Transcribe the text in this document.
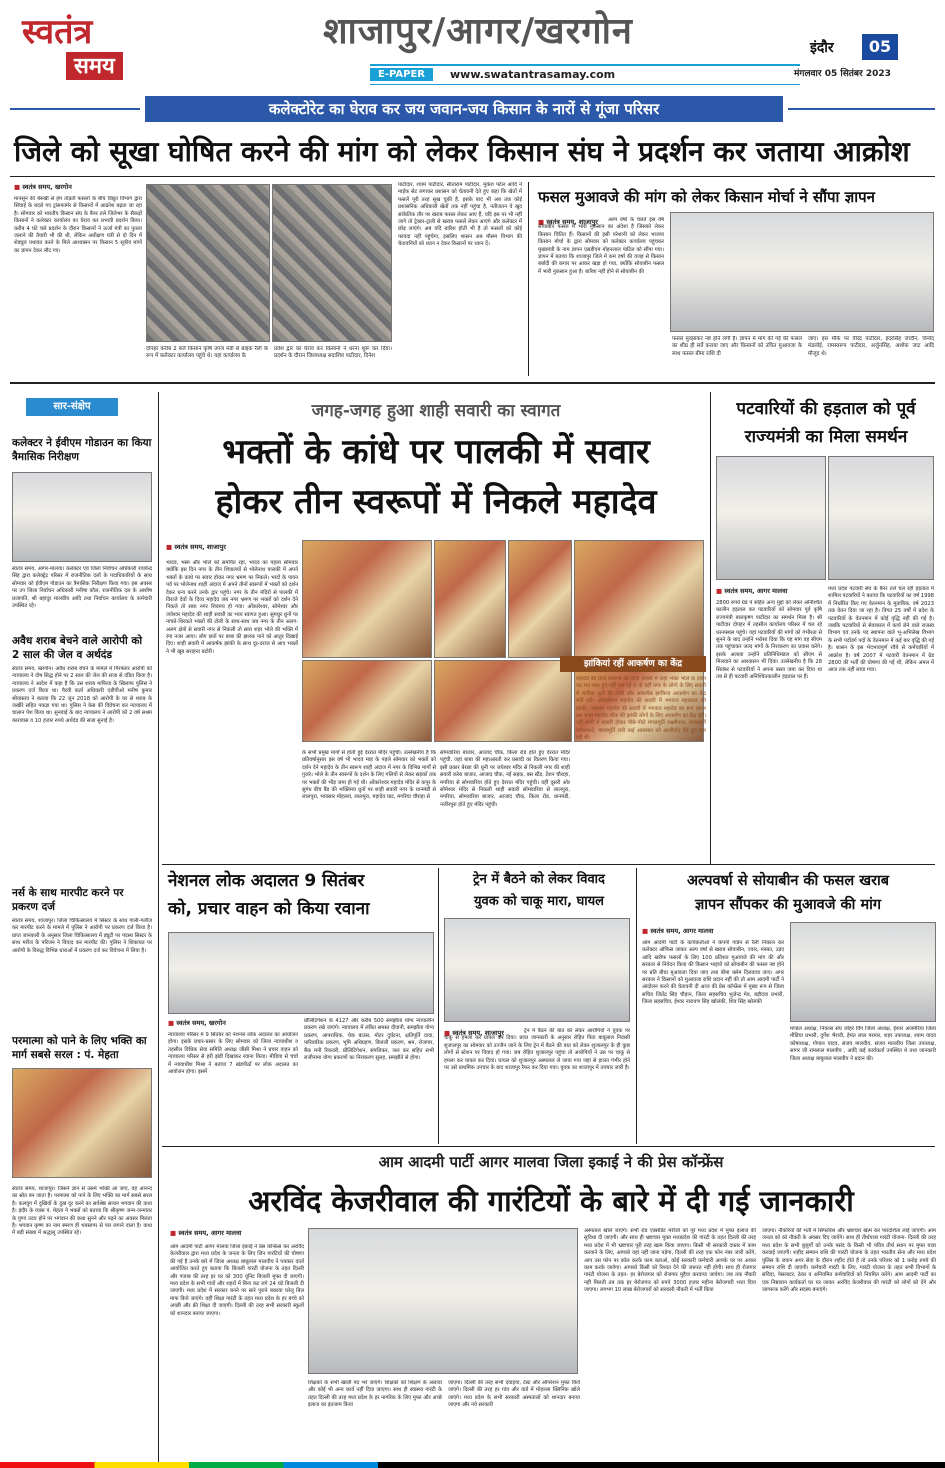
स्वतंत्र
समय
शाजापुर/आगर/खरगोन
E-PAPER	www.swatantrasamay.com
इंदौर	05
मंगलवार 05 सितंबर 2023
कलेक्टोरेट का घेराव कर जय जवान-जय किसान के नारों से गूंजा परिसर
जिले को सूखा घोषित करने की मांग को लेकर किसान संघ ने प्रदर्शन कर जताया आक्रोश
■ स्वतंत्र समय, खरगोन
मानसून की बेरुखी से हम तोड़ती फसलों के बीच विद्युत विभाग द्वारा सिंचाई के बदले गए ट्रांसफार्मर से किसानों में आक्रोश बढ़ता जा रहा है। सोमवार को भारतीय किसान संघ के बैनर तले जिलेभर के सैकड़ों किसानों ने कलेक्टर कार्यालय का घेराव कर प्रभावी प्रदर्शन किया। करीब 4 घंटे चले प्रदर्शन के दौरान किसानों ने ऊर्जा मंत्री का पुतला जलाने की तैयारी भी की थी, लेकिन अधीक्षण यंत्री से दो दिन में शेड्यूल यथावत करने के मिले आश्वासन पर किसान 5 सूत्रीय मांगों का ज्ञापन देकर लौट गए।
दोपहर करीब 2 बजे किसान कृषि उपज मंडी से बाइक रैली के रूप में कलेक्टर कार्यालय पहुंचे थे। यहां कार्यालय के
प्रवेश द्वार का घेराव कर किसानों ने धरना शुरू कर दिया। प्रदर्शन के दौरान जिलाध्यक्ष सदाशिव पाटीदार, दिनेश
पाटीदार, श्याम पाटीदार, सीताराम पाटीदार, मुकेश पटेल आदि ने माईक सेट लगाकर प्रशासन को चेतावनी देते हुए कहा कि खेतों में फसलें पूरी तरह सूख चुकी है, इसके बाद भी अब तक कोई प्रशासनिक अधिकारी खेतों तक नहीं पहुंचा है, नतीजतन वे खुद सांकेतिक तौर पर खराब फसल लेकर आए हैं, यदि इस पर भी नहीं जागे तो ट्रेक्टर-ट्राली से खराब फसलें लेकर आएंगे और कलेक्टर में छोड़ जाएंगे। अब यदि बारिश होती भी है तो फसलों को कोई फायदा नहीं पहुंचेगा, इसलिए शासन अब मौसम विभाग की चेतावनियों को ध्यान न देकर किसानों पर ध्यान दें।
फसल मुआवजे की मांग को लेकर किसान मोर्चा ने सौंपा ज्ञापन
■ स्वतंत्र समय, शाजापुर	अल्प वर्षा के चलते इस वर्ष सोयाबीन फसल में भारी नुकसान का अंदेशा है जिसको लेकर किसान चिंतित हैं। किसानों की इसी परेशानी को लेकर भाजपा किसान मोर्चा के द्वारा सोमवार को कलेक्टर कार्यालय पहुंचकर मुख्यमंत्री के नाम ज्ञापन एसडीएम मोहनलाल पाटिल को सौंपा गया। ज्ञापन में बताया कि शाजापुर जिले में कम वर्षा की वजह से किसान बर्बादी की कगार पर आकर खड़ा हो गया, क्योंकि सोयाबीन फसल में भारी नुकसान हुआ है। बारिश नहीं होने से सोयाबीन की
फसल मुरझाकर नष्ट होने लगी है। ज्ञापन में मांग की गई की फसल का शीघ्र ही सर्वे कराया जाए और किसानों को उचित मुआवजा के साथ फसल बीमा राशि दी
जाए। इस मौके पर वीरेंद्र पाटीदार, इंदरसिंह जादौन, विनोद मंडलोई, रामस्वरूप पाटीदार, अर्जुनसिंह, अशोक जाट आदि मौजूद थे।
सार-संक्षेप
कलेक्टर ने ईवीएम गोडाउन का किया त्रैमासिक निरीक्षण
स्वतंत्र समय, आगर-मालवा। कलेक्टर एवं जिला निर्वाचन अधिकारी राघवेन्द्र सिंह द्वारा कलेक्ट्रेट परिसर में राजनीतिक दलों के पदाधिकारियों के साथ सोमवार को ईवीएम गोडाउन का त्रैमासिक निरीक्षण किया गया। इस अवसर पर उप जिला निर्वाचन अधिकारी मनीषा कौल, राजनीतिक दल के आशीष प्रजापति, श्री बहादुर मालवीय आदि तथा निर्वाचन कार्यालय के कर्मचारी उपस्थित रहे।
अवैध शराब बेचने वाले आरोपी को 2 साल की जेल व अर्थदंड
स्वतंत्र समय, खरगोन। अवैध शराब बेचने के मामले में गिरफ्तार आरोपी को न्यायालय ने दोष सिद्ध होने पर 2 साल की जेल की सजा से दंडित किया है। न्यायालय ने आदेश में कहा है कि उस शराब माफिया के खिलाफ पुलिस ने प्रकरण दर्ज किया था। पैरवी कर्ता अधिकारी एडीपीओ मनीष कुमार श्रीवास्तव ने बताया कि 22 जून 2018 को आरोपी के घर से शराब के जखीरे सहित पकड़ा गया था। पुलिस ने केस की विवेचना कर न्यायालय में चालान पेश किया था। सुनवाई के बाद न्यायालय ने आरोपी को 2 वर्ष सश्रम कारावास व 10 हजार रुपये अर्थदंड की सजा सुनाई है।
नर्स के साथ मारपीट करने पर प्रकरण दर्ज
स्वतंत्र समय, शाजापुर। जिला चिकित्सालय में सिस्टर के साथ गाली-गलौज कर मारपीट करने के मामले में पुलिस ने आरोपी पर प्रकरण दर्ज किया है। प्राप्त जानकारी के अनुसार जिला चिकित्सालय में ड्यूटी पर पदस्थ सिस्टर के साथ मरीज के परिजन ने विवाद कर मारपीट की। पुलिस ने शिकायत पर आरोपी के विरुद्ध विभिन्न धाराओं में प्रकरण दर्ज कर विवेचना में लिया है।
परमात्मा को पाने के लिए भक्ति का मार्ग सबसे सरल : पं. मेहता
स्वतंत्र समय, शाजापुर। जिसने ज्ञान से उसमें भक्ति आ जाए, वह आनन्द का स्रोत बन जाता है। परमात्मा को पाने के लिए भक्ति का मार्ग सबसे सरल है। कलयुग में दुखियों के दुख दूर करने का सर्वश्रेष्ठ साधन भगवान की कथा है। इंदौर के व्यास पं. मेहता ने भक्तों को बताया कि श्रीकृष्ण जन्म-जन्मांतर के पुण्य उदय होने पर भगवान की कथा सुनने और पढ़ने का अवसर मिलता है। भगवान कृष्ण का नाम स्मरण ही भवसागर से पार लगाने वाला है। कथा में बड़ी संख्या में श्रद्धालु उपस्थित रहे।
जगह-जगह हुआ शाही सवारी का स्वागत
भक्तों के कांधे पर पालकी में सवार
होकर तीन स्वरूपों में निकले महादेव
■ स्वतंत्र समय, शाजापुर
भादव, भस्म और भोले को समर्पित रहा, भादव का पहला सोमवार क्योंकि इस दिन नगर के तीन शिवालयों से भोलेनाथ पालकी में अपने भक्तों के कांधे पर सवार होकर नगर भ्रमण पर निकले। भादों के पावन पर्व पर भोलेनाथ शाही अंदाज में अपने तीनों स्वरूपों में भक्तों को दर्शन देकर धन्य करने उनके द्वार पहुंचे। नगर के तीन मंदिरों से पालकी में विराजे देवों के दिव्य महादेव जब नगर भ्रमण पर भक्तों को दर्शन देने निकले तो सारा नगर शिवमय हो गया। ओंकारेश्वर, सोमेश्वर और जयेश्वर महादेव की शाही सवारी का भव्य स्वागत हुआ। सुमधुर धुनों पर नाचते-थिरकते भक्तों की टोली के साथ-साथ जब नगर के तीन अलग-अलग क्षेत्रों से सवारी नगर से निकली तो सारा शहर भोले की भक्ति में रंगा नजर आया। लोग छतों पर बाबा की झलक पाने को आतुर दिखाई दिए। शाही सवारी में आकर्षक झांकी के साथ दूर-दराज से आए भक्तों ने भी खूब सराहना बटोरी।
के सभी प्रमुख मार्गों से होती हुई देररात मंदिर पहुंची। उल्लेखनीय है कि प्रतिवर्षानुसार इस वर्ष भी भादव माह के पहले सोमवार को भक्तों को दर्शन देने महादेव के तीन स्वरूप शाही अंदाज में नगर के विभिन्न मार्गों से गुजरे। भोले के तीन स्वरूपों के दर्शन के लिए गलियों से लेकर सड़कों तक पर भक्तों की भीड़ जमा हो गई थी। ओंकारेश्वर महादेव मंदिर से कपूर के सुगंध बीच बैंड की भक्तिमय धुनों पर शाही सवारी नगर के धानमंडी से लालपुरा, भावसार मोहल्ला, लालपुरा, महादेव घाट, मगरिया चौराहा से
सोमवारिया बाजार, आजाद चौक, किला रोड होते हुए देररात मंदिर पहुंची, जहां बाबा की महाआरती कर प्रसादी का वितरण किया गया। इसी प्रकार बेरछा की धूनी पर जयेश्वर मंदिर से निकली नगर की शाही सवारी करेरा बाजार, आजाद चौक, नई सड़क, बस स्टैंड, टेंशन चौराहा, मगरिया से सोमवारिया होते हुए देररात मंदिर पहुंची। वहीं दूसरी ओर सोमेश्वर मंदिर से निकली शाही सवारी सोमवारिया से लालपुरा, मगरिया, सोमवारिया बाजार, आजाद चौक, किला रोड, धानमंडी, नजीरपुरा होते हुए मंदिर पहुंची।
झांकियां रहीं आकर्षण का केंद्र
महादेव की तीनों स्वरूपों की शाही सवारी में जहां भक्त भोले के दर्शन कर मन मस्त हुए वहीं जब रहे थे तो वहीं नगर के लोगों के लिए सवारी में शामिल भूतों की टोली और आकर्षक झांकियां आकर्षण का केंद्र बनी रही। ओंकारेश्वर महादेव की सवारी में भगवान महाकाल की झांकी, जयेश्वर महादेव की सवारी में भगवान महादेव का रूप धारण कर भक्त महादेव लोक की झांकी लोगों के लिए आकर्षण का केंद्र रही। वहीं सभी में सवारी होकर पीछे-पीछे मंगलमूर्ति लक्ष्मीनाथ, मंगलमूर्ति गणेशमाथे, मंगलमूर्ति रानी बाई आसमान को आशीर्वाद देते हुए चल रही थी।
पटवारियों की हड़ताल को पूर्व
राज्यमंत्री का मिला समर्थन
■ स्वतंत्र समय, आगर मालवा
2800 रुपये ग्रेड पे सहित अन्य मुद्दों को लेकर अनिश्चित कालीन हड़ताल कर पटवारियों को सोमवार पूर्व कृषि राज्यमंत्री बालकृष्ण पाटीदार का समर्थन मिला है। श्री पाटीदार दोपहर में तहसील कार्यालय परिसर में चल रहे धरनास्थल पहुंचे। यहां पटवारियों की मांगों को गंभीरता से सुनने के बाद उन्होंने भरोसा दिया कि यह मांग वह सीएम तक पहुंचाकर जल्द मांगों के निराकरण का प्रयास करेंगे। इसके अलावा उन्होंने प्रतिनिधिमंडल को सीएम से मिलवाने का आश्वासन भी दिया। उल्लेखनीय है कि 28 सितंबर से पटवारियों ने अपना बस्ता जमा कर दिया था तब से ही पटवारी अनिश्चितकालीन हड़ताल पर हैं।
मध्य प्रदेश पटवारी संघ के बैनर तले चल रही हड़ताल में शामिल पटवारियों ने बताया कि पटवारियों का वर्ष 1998 में निर्धारित किए गए वेतनमान के मुताबिक, वर्ष 2023 तक वेतन दिया जा रहा है। विगत 25 वर्षों में प्रदेश के पटवारियों के वेतनमान में कोई वृद्धि नहीं की गई है। जबकि पटवारियों से सेवाकाल में कार्य लेने वाले राजस्व विभाग एवं उनके पद स्थापना वाले भू-अभिलेख विभाग के सभी पदोंवर्ग पदों के वेतनमान में कई बार वृद्धि की गई है। शासन के इस भेदभावपूर्ण रवैये से कर्मचारियों में आक्रोश है। वर्ष 2007 में पटवारी वेतनमान में ग्रेड 2800 की भर्ती की घोषणा की गई थी, लेकिन अमल में आज तक नहीं लाया गया।
नेशनल लोक अदालत 9 सितंबर
को, प्रचार वाहन को किया रवाना
■ स्वतंत्र समय, खरगोन
न्यायालय परिसर में 9 सितंबर को नेशनल लोक अदालत का आयोजन होगा। इसके प्रचार-प्रसार के लिए सोमवार को जिला न्यायाधीश व तहसील विधिक सेवा समिति अध्यक्ष जीसी मिश्रा ने प्रचार वाहन को न्यायालय परिसर से हरी झंडी दिखाकर रवाना किया। मीडिया से चर्चा में न्यायाधीश मिश्रा ने बताया 7 खंडपीठों पर लोक अदालत का आयोजन होगा। इसमें
प्रीलिटिगेशन के 4127 और करीब 500 समझौता योग्य न्यायालीन प्रकरण रखे जाएंगे। न्यायालय में लंबित समस्त दीवानी, समझौता योग्य प्रकरण, आपराधिक, चेक बाउंस, मोटर दुर्घटना, क्षतिपूर्ति दावा, पारिवारिक प्रकरण, भूमि अधिग्रहण, बिजली प्रकरण, श्रम, रोजगार, बैंक मनी रिकवरी, प्रीलिटिगेशन, संपत्तिकर, जल कर सहित सभी राजीनामा योग्य प्रकरणों का निराकरण सुलह, समझौते से होगा।
ट्रेन में बैठने को लेकर विवाद
युवक को चाकू मारा, घायल
■ स्वतंत्र समय, शाजापुर	ट्रेन में बैठने की बात को लेकर आरोपियों ने युवक पर चाकू से हमला कर घायल कर दिया। प्राप्त जानकारी के अनुसार रोहित पिता बाबूलाल निवासी शुजालपुर का सोमवार को उज्जैन जाने के लिए ट्रेन में बैठने की बात को लेकर शुजालपुर के ही कुछ लोगों से स्टेशन पर विवाद हो गया। जब रोहित शुजालपुर पहुंचा तो आरोपियों ने उस पर चाकू से हमला कर घायल कर दिया। घायल को शुजालपुर अस्पताल ले जाया गया जहां से हालत गंभीर होने पर उसे प्राथमिक उपचार के बाद शाजापुर रैफर कर दिया गया। युवक का शाजापुर में उपचार जारी है।
अल्पवर्षा से सोयाबीन की फसल खराब
ज्ञापन सौंपकर की मुआवजे की मांग
■ स्वतंत्र समय, आगर मालवा
आम आदमी पार्टी के कार्यकर्ताओं ने कंपनी गार्डन से रैली निकाल कर कलेक्टर ऑफिस जाकर अल्प वर्षा से खराब सोयाबीन, ज्वार, मक्का, उड़द आदि खरीफ फसलों के लिए 100 प्रतिशत मुआवजे की मांग की और सरकार से निवेदन किया की किसान भाइयों को सोयाबीन की फसल नष्ट होने पर प्रति बीघा मुआवजा दिया जाए तथा बीमा क्लेम दिलवाया जाए। अगर सरकार ने किसानों को मुआवजा राशि प्रदान नहीं की तो आम आदमी पार्टी ने आंदोलन करने की चेतावनी दी आज की प्रेस कॉन्फ्रेंस में मुख्य रूप से जिला सचिव जितेंद्र सिंह चौहान, जिला सहसचिव भुजेन्द्र मेव, बड़ौदवा प्रभारी, जिला सहसचिव, ईश्वर नारायण सिंह खोलंकी, शिव सिंह खोलंकी
मण्डल अध्यक्ष, निकास संघ जोहर विंग जिला अध्यक्ष, ईश्वर अजमेरिया जिला मीडिया प्रभारी, दुर्गेश भैरावी, हेमंत लाल परमार, शहर उपाध्यक्ष, श्याम यादव कोषाध्यक्ष, गोपाल यादव, संजय मालवीय, संजय मालवीय जिला उपाध्यक्ष, सागर जी रामलाल मालवीय , आदि कई कार्यकर्ता उपस्थित थे तथा जानकारी जिला अध्यक्ष बाबूलाल मालवीय ने प्रदान की।
आम आदमी पार्टी आगर मालवा जिला इकाई ने की प्रेस कॉन्फ्रेंस
अरविंद केजरीवाल की गारंटियों के बारे में दी गई जानकारी
■ स्वतंत्र समय, आगर मालवा
आम आदमी पार्टी आगर मालवा जिला इकाई ने प्रेस कॉन्फ्रेंस कर अरविंद केजरीवाल द्वारा मध्य प्रदेश के जनता के लिए जिन गारंटियों की घोषणा की गई है उनके बारे में जिला अध्यक्ष बाबूलाल मालवीय ने पत्रकार वार्ता आयोजित करते हुए बताया कि बिजली गारंटी योजना के तहत दिल्ली और पंजाब की तरह हर घर को 300 यूनिट बिजली मुफ्त दी जाएगी। मध्य प्रदेश के सभी गांवों और शहरों में बिना कट लगे 24 घंटे बिजली दी जाएगी। मध्य प्रदेश में सरकार बनने पर सारे पुराने बकाया घरेलू बिल माफ किये जाएंगे। वहीं शिक्षा गारंटी के तहत मध्य प्रदेश के हर बच्चे को अच्छी और फ्री शिक्षा दी जाएगी। दिल्ली की तरह सभी सरकारी स्कूलों को शानदार बनाया जाएगा।
शिक्षकों के सभी खाली पद भरे जाएंगे। शिक्षकों को शिक्षण के अलावा और कोई भी अन्य कार्य नहीं दिया जाएगा। साथ ही स्वास्थ्य गारंटी के तहत दिल्ली की तरह मध्य प्रदेश के हर नागरिक के लिए मुफ्त और अच्छे इलाज का इंतजाम किया
जाएगा। दिल्ली की तरह सभी दवाइयां, टेस्ट और ऑपरेशन मुफ्त किये जाएंगे। दिल्ली की तरह हर गांव और वार्ड में मोहल्ला क्लिनिक खोले जाएंगे। मध्य प्रदेश के सभी सरकारी अस्पतालों को शानदार बनाया जाएगा और नये सरकारी
अस्पताल खोले जाएंगे। सभी रोड एक्सीडेंट मरीजों को पूरे मध्य प्रदेश में मुफ्त इलाज की सुविधा दी जाएगी। और साथ ही भ्रष्टाचार मुक्त मध्यप्रदेश की गारंटी के तहत दिल्ली की तरह मध्य प्रदेश में भी भ्रष्टाचार पूरी तरह खत्म किया जाएगा। किसी भी सरकारी दफ्तर में काम करवाने के लिए, आपको वहां नहीं जाना पड़ेगा, दिल्ली की तरह एक फोन नंबर जारी करेंगे, आप उस फोन पर कॉल करके काम बताओ, कोई सरकारी कर्मचारी आपके घर पर आकर काम करके जायेगा। आपको किसी को रिश्वत देने की जरूरत नहीं होगी। साथ ही रोजगार गारंटी योजना के तहत- हर बेरोजगार को रोजगार मुहैया करवाया जायेगा। जब तक नौकरी नहीं मिलती तब तक हर बेरोजगार को रुपये 3000 हजार महीना बेरोजगारी भत्ता दिया जाएगा। लगभग 10 लाख बेरोजगारों को सरकारी नौकरी में भर्ती किया
जाएगा। नौकरियों की भर्ती में सिफारिश और भ्रष्टाचार खत्म कर पारदर्शिता लाई जाएगी। आम जनता को को नौकरी के अवसर दिए जायेंगे। साथ ही तीर्थयात्रा गारंटी योजना- दिल्ली की तरह मध्य प्रदेश के सभी बुजुर्गों को उनके पसंद के किसी भी पवित्र तीर्थ स्थान पर मुफ्त यात्रा करवाई जाएगी। शहीद सम्मान राशि की गारंटी योजना के तहत भारतीय सेना और मध्य प्रदेश पुलिस के जवान अगर सेवा के दौरान शहीद होते हैं तो उनके परिवार को 1 करोड़ रुपये की सम्मान राशि दी जाएगी। कर्मचारी गारंटी के लिए, गारंटी योजना के तहत सभी विभागों के संविदा, पेसलाटर, ठेका व अनियमित कर्मचारियों को नियमित करेंगे। आम आदमी पार्टी का एक निष्ठावान कार्यकर्ता घर घर जाकर अरविंद केजरीवाल की गारंटी को लोगों को देंगे और जागरूक करेंगे और सदस्य बनाएंगे।
